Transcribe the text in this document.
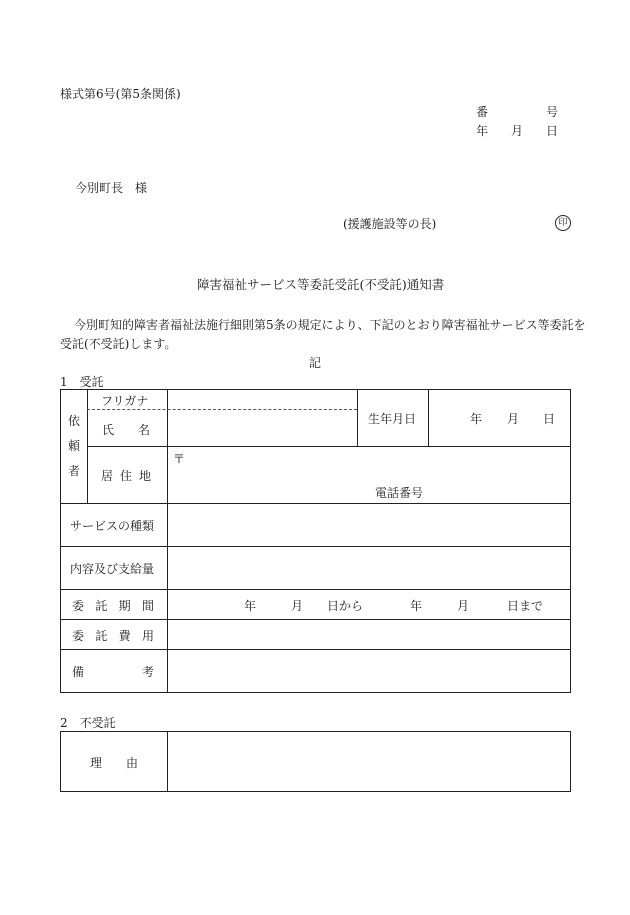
様式第6号(第5条関係)
番	号
年 月 日
今別町長　様
(援護施設等の長)	印
障害福祉サービス等委託受託(不受託)通知書
今別町知的障害者福祉法施行細則第5条の規定により、下記のとおり障害福祉サービス等委託を
受託(不受託)します。
記
1　受託
依
頼
者
フリガナ
氏 名
生年月日	年 月 日
居 住 地
〒
電話番号
サービスの種類
内容及び支給量
委 託 期 間	年	月 日から	年	月	日まで
委 託 費 用
備	考
2　不受託
理 由
